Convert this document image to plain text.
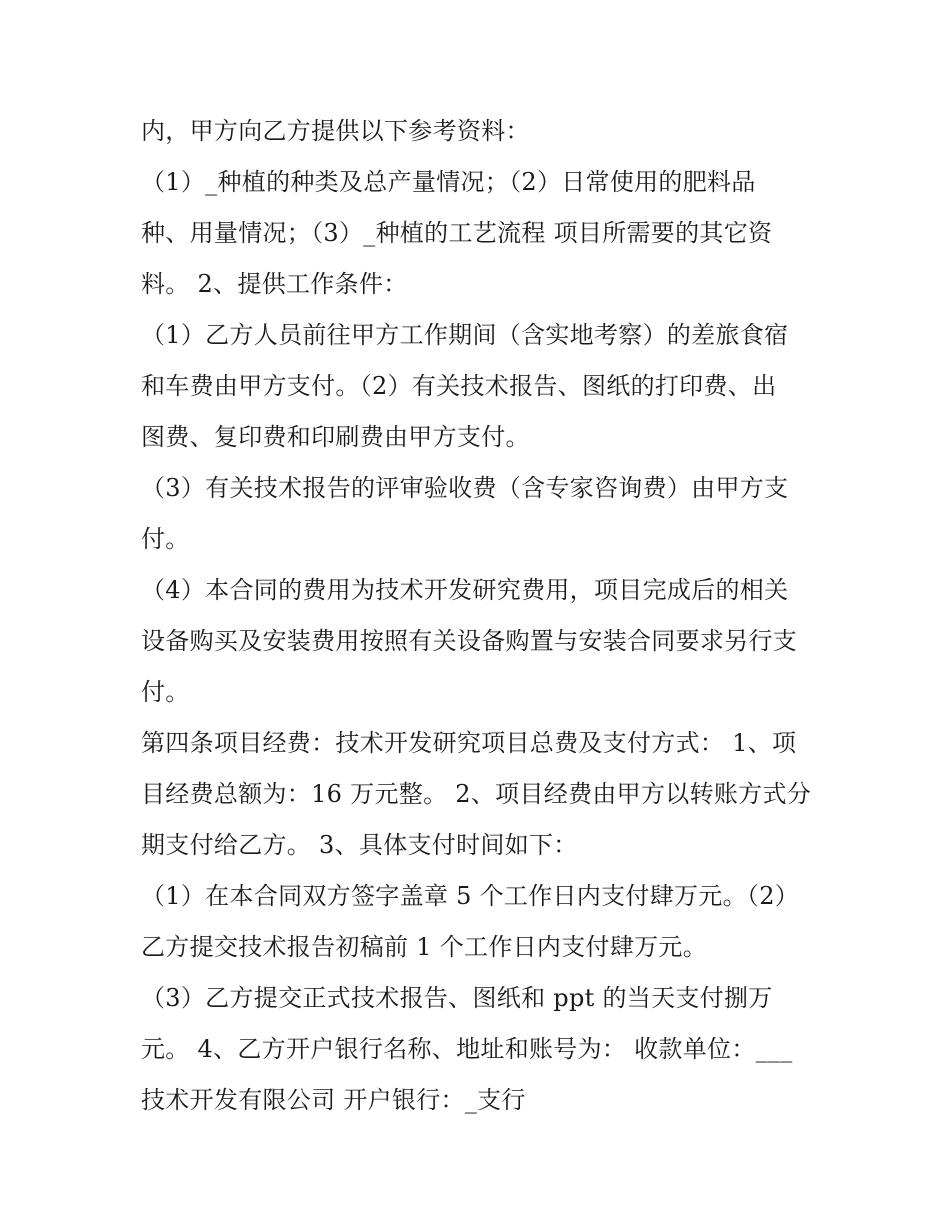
内，甲方向乙方提供以下参考资料：
（1）_种植的种类及总产量情况；（2）日常使用的肥料品
种、用量情况；（3）_种植的工艺流程 项目所需要的其它资
料。 2、提供工作条件：
（1）乙方人员前往甲方工作期间（含实地考察）的差旅食宿
和车费由甲方支付。（2）有关技术报告、图纸的打印费、出
图费、复印费和印刷费由甲方支付。
（3）有关技术报告的评审验收费（含专家咨询费）由甲方支
付。
（4）本合同的费用为技术开发研究费用，项目完成后的相关
设备购买及安装费用按照有关设备购置与安装合同要求另行支
付。
第四条项目经费：技术开发研究项目总费及支付方式： 1、项
目经费总额为：16 万元整。 2、项目经费由甲方以转账方式分
期支付给乙方。 3、具体支付时间如下：
（1）在本合同双方签字盖章 5 个工作日内支付肆万元。（2）
乙方提交技术报告初稿前 1 个工作日内支付肆万元。
（3）乙方提交正式技术报告、图纸和 ppt 的当天支付捌万
元。 4、乙方开户银行名称、地址和账号为： 收款单位：___
技术开发有限公司 开户银行：_支行
